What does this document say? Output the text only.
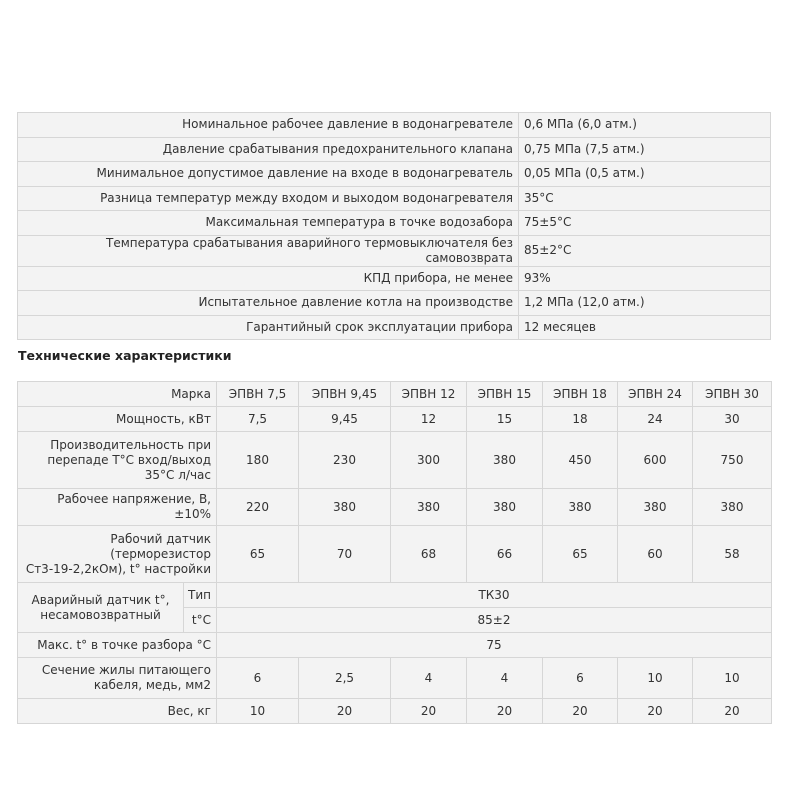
Номинальное рабочее давление в водонагревателе	0,6 МПа (6,0 атм.)
Давление срабатывания предохранительного клапана	0,75 МПа (7,5 атм.)
Минимальное допустимое давление на входе в водонагреватель	0,05 МПа (0,5 атм.)
Разница температур между входом и выходом водонагревателя	35°C
Максимальная температура в точке водозабора	75±5°C
Температура срабатывания аварийного термовыключателя без самовозврата	85±2°C
КПД прибора, не менее	93%
Испытательное давление котла на производстве	1,2 МПа (12,0 атм.)
Гарантийный срок эксплуатации прибора	12 месяцев
Технические характеристики
Марка		ЭПВН 7,5	ЭПВН 9,45	ЭПВН 12	ЭПВН 15	ЭПВН 18	ЭПВН 24	ЭПВН 30
Мощность, кВт		7,5	9,45	12	15	18	24	30
Производительность при
перепаде Т°С вход/выход
35°С л/час		180	230	300	380	450	600	750
Рабочее напряжение, В, ±10%		220	380	380	380	380	380	380
Рабочий датчик
(терморезистор
Ст3-19-2,2кОм), t° настройки		65	70	68	66	65	60	58
Аварийный датчик t°,
несамовозвратный	Тип	ТК30						
	t°C	85±2						
Макс. t° в точке разбора °C		75						
Сечение жилы питающего
кабеля, медь, мм2		6	2,5	4	4	6	10	10
Вес, кг		10	20	20	20	20	20	20
